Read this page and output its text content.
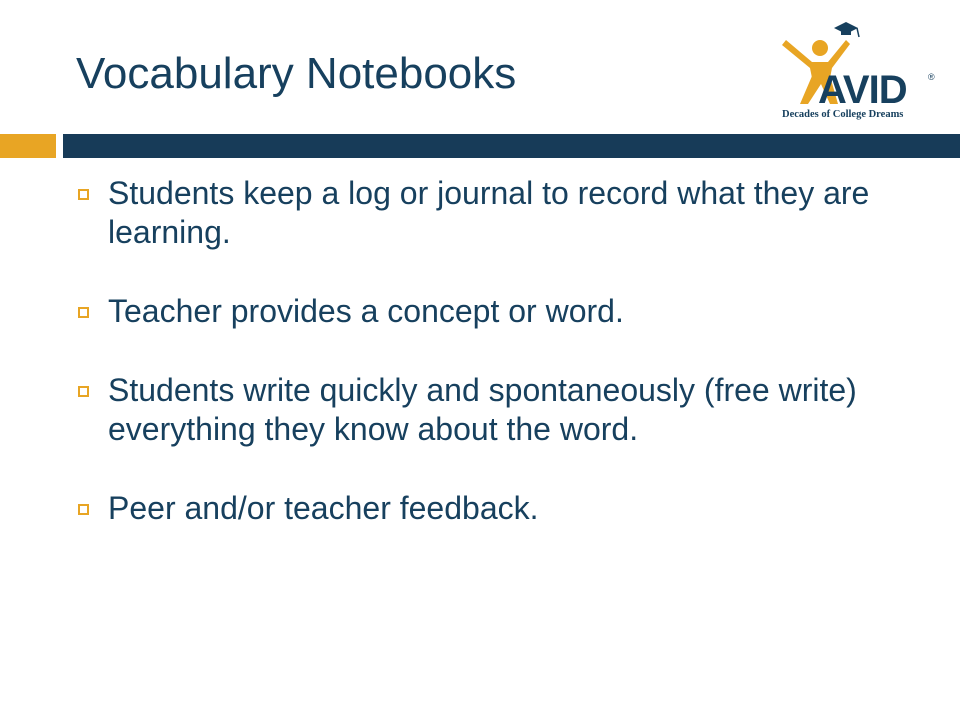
Vocabulary Notebooks	AVID ®
Decades of College Dreams
Students keep a log or journal to record what they are learning.
Teacher provides a concept or word.
Students write quickly and spontaneously (free write) everything they know about the word.
Peer and/or teacher feedback.
